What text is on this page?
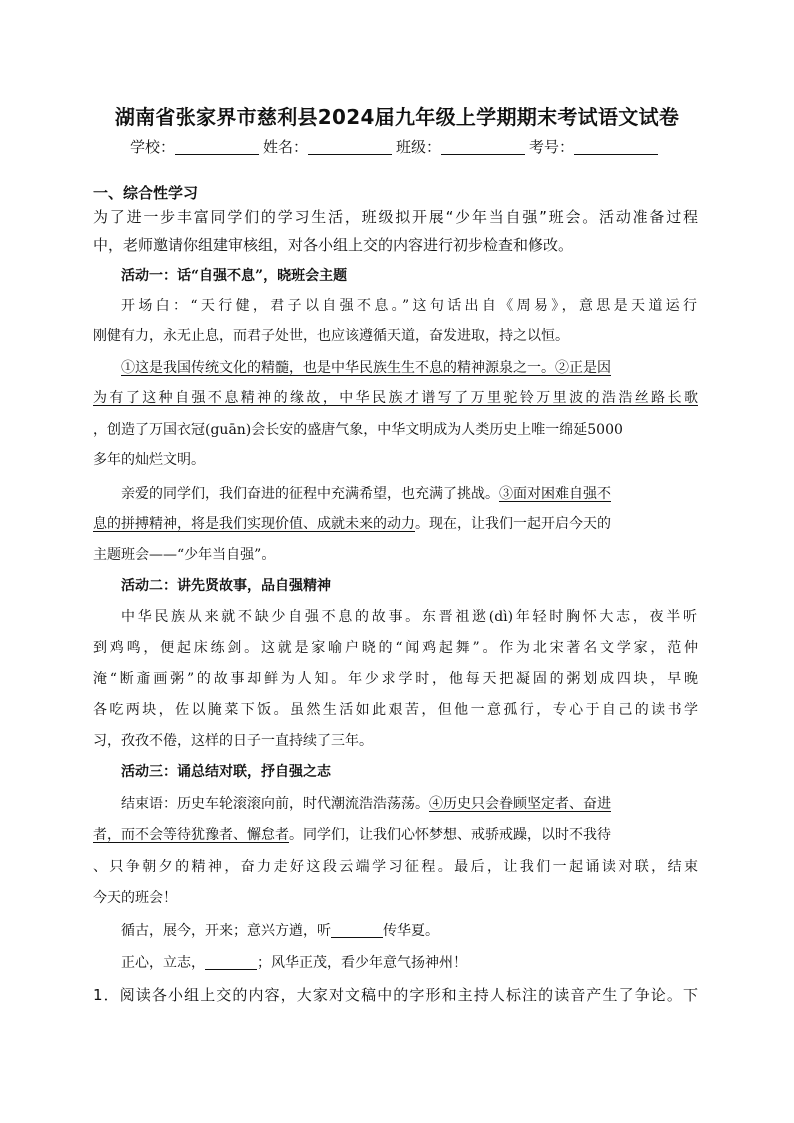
湖南省张家界市慈利县2024届九年级上学期期末考试语文试卷
学校：	姓名：	班级：	考号：
一、综合性学习
为了进一步丰富同学们的学习生活，班级拟开展“少年当自强”班会。活动准备过程
中，老师邀请你组建审核组，对各小组上交的内容进行初步检查和修改。
活动一：话“自强不息”，晓班会主题
开场白：“天行健，君子以自强不息。”这句话出自《周易》，意思是天道运行
刚健有力，永无止息，而君子处世，也应该遵循天道，奋发进取，持之以恒。
①这是我国传统文化的精髓，也是中华民族生生不息的精神源泉之一。②正是因
为有了这种自强不息精神的缘故，中华民族才谱写了万里驼铃万里波的浩浩丝路长歌
，创造了万国衣冠(guān)会长安的盛唐气象，中华文明成为人类历史上唯一绵延5000
多年的灿烂文明。
亲爱的同学们，我们奋进的征程中充满希望，也充满了挑战。③面对困难自强不
息的拼搏精神，将是我们实现价值、成就未来的动力。现在，让我们一起开启今天的
主题班会——“少年当自强”。
活动二：讲先贤故事，品自强精神
中华民族从来就不缺少自强不息的故事。东晋祖逖(dì)年轻时胸怀大志，夜半听
到鸡鸣，便起床练剑。这就是家喻户晓的“闻鸡起舞”。作为北宋著名文学家，范仲
淹“断齑画粥”的故事却鲜为人知。年少求学时，他每天把凝固的粥划成四块，早晚
各吃两块，佐以腌菜下饭。虽然生活如此艰苦，但他一意孤行，专心于自己的读书学
习，孜孜不倦，这样的日子一直持续了三年。
活动三：诵总结对联，抒自强之志
结束语：历史车轮滚滚向前，时代潮流浩浩荡荡。④历史只会眷顾坚定者、奋进
者，而不会等待犹豫者、懈怠者。同学们，让我们心怀梦想、戒骄戒躁，以时不我待
、只争朝夕的精神，奋力走好这段云端学习征程。最后，让我们一起诵读对联，结束
今天的班会！
循古，展今，开来；意兴方遒，听	传华夏。
正心，立志，	；风华正茂，看少年意气扬神州！
1．阅读各小组上交的内容，大家对文稿中的字形和主持人标注的读音产生了争论。下
